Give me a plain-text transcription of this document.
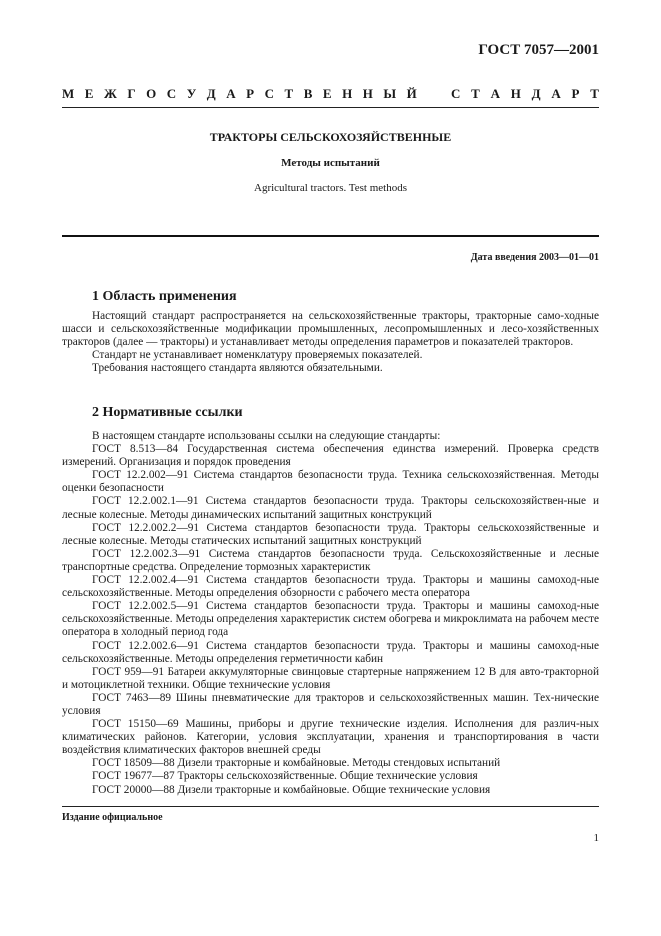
ГОСТ 7057—2001
М Е Ж Г О С У Д А Р С Т В Е Н Н Ы Й	С Т А Н Д А Р Т
ТРАКТОРЫ СЕЛЬСКОХОЗЯЙСТВЕННЫЕ
Методы испытаний
Agricultural tractors. Test methods
Дата введения 2003—01—01
1 Область применения

Настоящий стандарт распространяется на сельскохозяйственные тракторы, тракторные само-ходные шасси и сельскохозяйственные модификации промышленных, лесопромышленных и лесо-хозяйственных тракторов (далее — тракторы) и устанавливает методы определения параметров и показателей тракторов.

Стандарт не устанавливает номенклатуру проверяемых показателей.

Требования настоящего стандарта являются обязательными.

2 Нормативные ссылки

В настоящем стандарте использованы ссылки на следующие стандарты:

ГОСТ 8.513—84 Государственная система обеспечения единства измерений. Проверка средств измерений. Организация и порядок проведения

ГОСТ 12.2.002—91 Система стандартов безопасности труда. Техника сельскохозяйственная. Методы оценки безопасности

ГОСТ 12.2.002.1—91 Система стандартов безопасности труда. Тракторы сельскохозяйствен-ные и лесные колесные. Методы динамических испытаний защитных конструкций

ГОСТ 12.2.002.2—91 Система стандартов безопасности труда. Тракторы сельскохозяйственные и лесные колесные. Методы статических испытаний защитных конструкций

ГОСТ 12.2.002.3—91 Система стандартов безопасности труда. Сельскохозяйственные и лесные транспортные средства. Определение тормозных характеристик

ГОСТ 12.2.002.4—91 Система стандартов безопасности труда. Тракторы и машины самоход-ные сельскохозяйственные. Методы определения обзорности с рабочего места оператора

ГОСТ 12.2.002.5—91 Система стандартов безопасности труда. Тракторы и машины самоход-ные сельскохозяйственные. Методы определения характеристик систем обогрева и микроклимата на рабочем месте оператора в холодный период года

ГОСТ 12.2.002.6—91 Система стандартов безопасности труда. Тракторы и машины самоход-ные сельскохозяйственные. Методы определения герметичности кабин

ГОСТ 959—91 Батареи аккумуляторные свинцовые стартерные напряжением 12 В для авто-тракторной и мотоциклетной техники. Общие технические условия

ГОСТ 7463—89 Шины пневматические для тракторов и сельскохозяйственных машин. Тех-нические условия

ГОСТ 15150—69 Машины, приборы и другие технические изделия. Исполнения для различ-ных климатических районов. Категории, условия эксплуатации, хранения и транспортирования в части воздействия климатических факторов внешней среды

ГОСТ 18509—88 Дизели тракторные и комбайновые. Методы стендовых испытаний

ГОСТ 19677—87 Тракторы сельскохозяйственные. Общие технические условия

ГОСТ 20000—88 Дизели тракторные и комбайновые. Общие технические условия

Издание официальное
1
